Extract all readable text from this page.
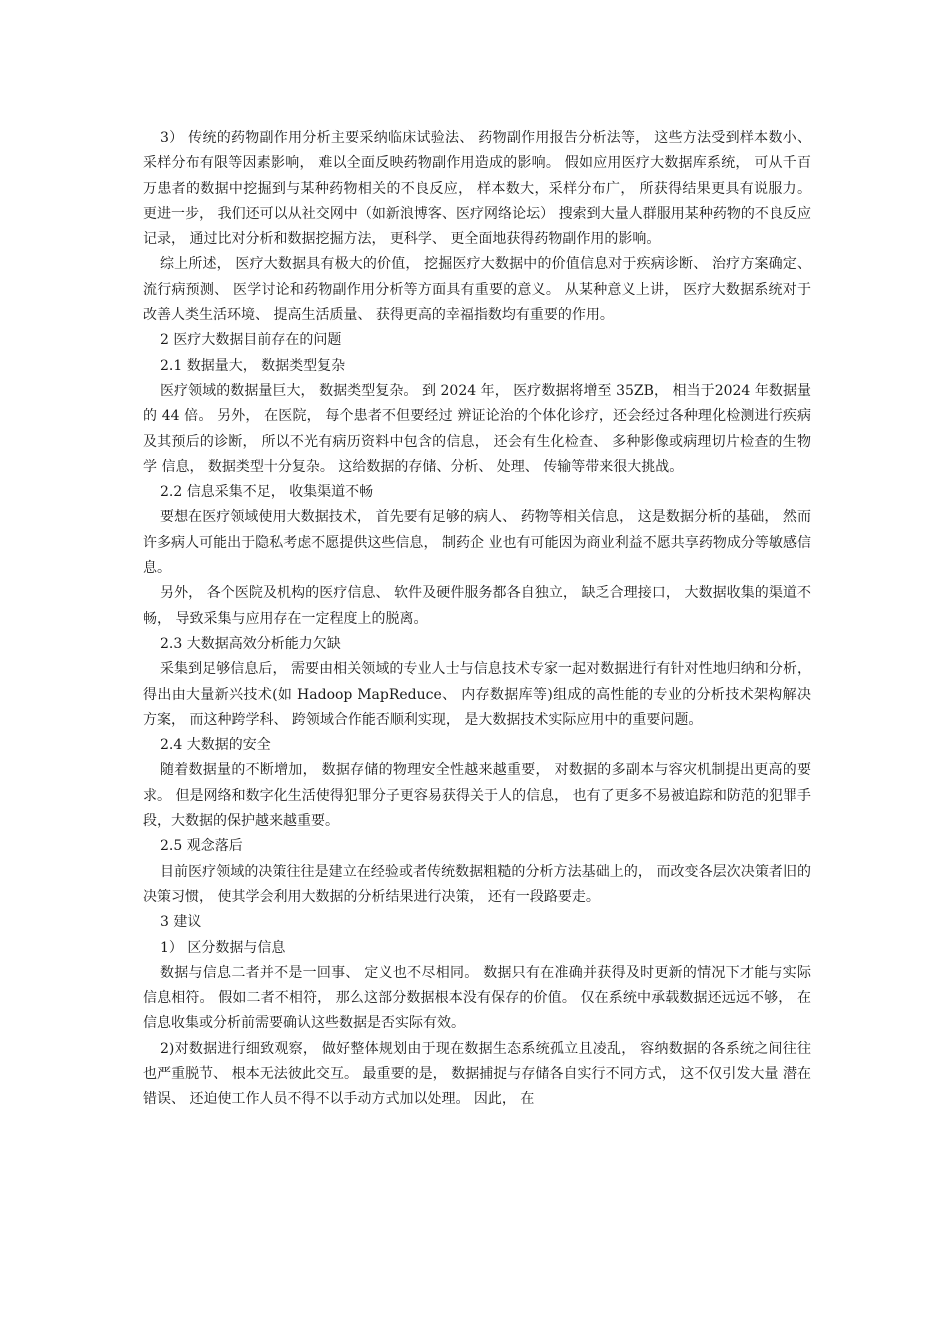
3） 传统的药物副作用分析主要采纳临床试验法、 药物副作用报告分析法等， 这些方法受到样本数小、 采样分布有限等因素影响， 难以全面反映药物副作用造成的影响。 假如应用医疗大数据库系统， 可从千百万患者的数据中挖掘到与某种药物相关的不良反应， 样本数大，采样分布广， 所获得结果更具有说服力。 更进一步， 我们还可以从社交网中（如新浪博客、医疗网络论坛） 搜索到大量人群服用某种药物的不良反应记录， 通过比对分析和数据挖掘方法， 更科学、 更全面地获得药物副作用的影响。

综上所述， 医疗大数据具有极大的价值， 挖掘医疗大数据中的价值信息对于疾病诊断、 治疗方案确定、 流行病预测、 医学讨论和药物副作用分析等方面具有重要的意义。 从某种意义上讲， 医疗大数据系统对于改善人类生活环境、 提高生活质量、 获得更高的幸福指数均有重要的作用。

2 医疗大数据目前存在的问题

2.1 数据量大， 数据类型复杂

医疗领域的数据量巨大， 数据类型复杂。 到 2024 年， 医疗数据将增至 35ZB， 相当于2024 年数据量的 44 倍。 另外， 在医院， 每个患者不但要经过 辨证论治的个体化诊疗，还会经过各种理化检测进行疾病及其预后的诊断， 所以不光有病历资料中包含的信息， 还会有生化检查、 多种影像或病理切片检查的生物学 信息， 数据类型十分复杂。 这给数据的存储、分析、 处理、 传输等带来很大挑战。

2.2 信息采集不足， 收集渠道不畅

要想在医疗领域使用大数据技术， 首先要有足够的病人、 药物等相关信息， 这是数据分析的基础， 然而许多病人可能出于隐私考虑不愿提供这些信息， 制药企 业也有可能因为商业利益不愿共享药物成分等敏感信息。

另外， 各个医院及机构的医疗信息、 软件及硬件服务都各自独立， 缺乏合理接口， 大数据收集的渠道不畅， 导致采集与应用存在一定程度上的脱离。

2.3 大数据高效分析能力欠缺

采集到足够信息后， 需要由相关领域的专业人士与信息技术专家一起对数据进行有针对性地归纳和分析， 得出由大量新兴技术(如 Hadoop MapReduce、 内存数据库等)组成的高性能的专业的分析技术架构解决方案， 而这种跨学科、 跨领域合作能否顺利实现， 是大数据技术实际应用中的重要问题。

2.4 大数据的安全

随着数据量的不断增加， 数据存储的物理安全性越来越重要， 对数据的多副本与容灾机制提出更高的要求。 但是网络和数字化生活使得犯罪分子更容易获得关于人的信息， 也有了更多不易被追踪和防范的犯罪手段，大数据的保护越来越重要。

2.5 观念落后

目前医疗领域的决策往往是建立在经验或者传统数据粗糙的分析方法基础上的， 而改变各层次决策者旧的决策习惯， 使其学会利用大数据的分析结果进行决策， 还有一段路要走。

3 建议

1） 区分数据与信息

数据与信息二者并不是一回事、 定义也不尽相同。 数据只有在准确并获得及时更新的情况下才能与实际信息相符。 假如二者不相符， 那么这部分数据根本没有保存的价值。 仅在系统中承载数据还远远不够， 在信息收集或分析前需要确认这些数据是否实际有效。

2)对数据进行细致观察， 做好整体规划由于现在数据生态系统孤立且凌乱， 容纳数据的各系统之间往往也严重脱节、 根本无法彼此交互。 最重要的是， 数据捕捉与存储各自实行不同方式， 这不仅引发大量 潜在错误、 还迫使工作人员不得不以手动方式加以处理。 因此， 在
